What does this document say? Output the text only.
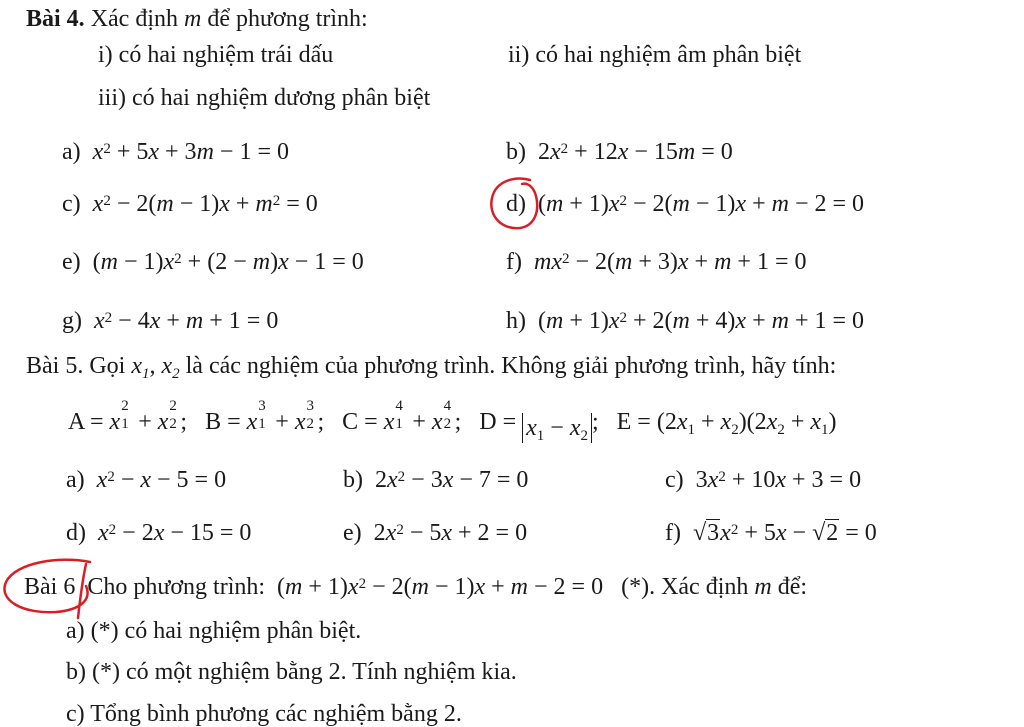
Bài 4. Xác định m để phương trình:
i) có hai nghiệm trái dấu	ii) có hai nghiệm âm phân biệt
iii) có hai nghiệm dương phân biệt
a)  $x^2 + 5x + 3m - 1 = 0$	b)  $2x^2 + 12x - 15m = 0$
c)  $x^2 - 2(m - 1)x + m^2 = 0$	d)  $(m + 1)x^2 - 2(m - 1)x + m - 2 = 0$
e)  $(m - 1)x^2 + (2 - m)x - 1 = 0$	f)  $mx^2 - 2(m + 3)x + m + 1 = 0$
g)  $x^2 - 4x + m + 1 = 0$	h)  $(m + 1)x^2 + 2(m + 4)x + m + 1 = 0$
Bài 5. Gọi $x_1$, $x_2$ là các nghiệm của phương trình. Không giải phương trình, hãy tính:
A = x
2
1 + x
2
2 ;   B = x
3
1 + x
3
2 ;   C = x
4
1 + x
4
2 ;   $D = x_1 - x_2$;   $E = (2x_1 + x_2)(2x_2 + x_1)$
a)  $x^2 - x - 5 = 0$	b)  $2x^2 - 3x - 7 = 0$	c)  $3x^2 + 10x + 3 = 0$
d)  $x^2 - 2x - 15 = 0$	e)  $2x^2 - 5x + 2 = 0$	f)  $√3x^2 + 5x - √2 = 0$
Bài 6  Cho phương trình:  $(m + 1)x^2 - 2(m - 1)x + m - 2 = 0$   (*). Xác định m để:
a) (*) có hai nghiệm phân biệt.
b) (*) có một nghiệm bằng 2. Tính nghiệm kia.
c) Tổng bình phương các nghiệm bằng 2.
